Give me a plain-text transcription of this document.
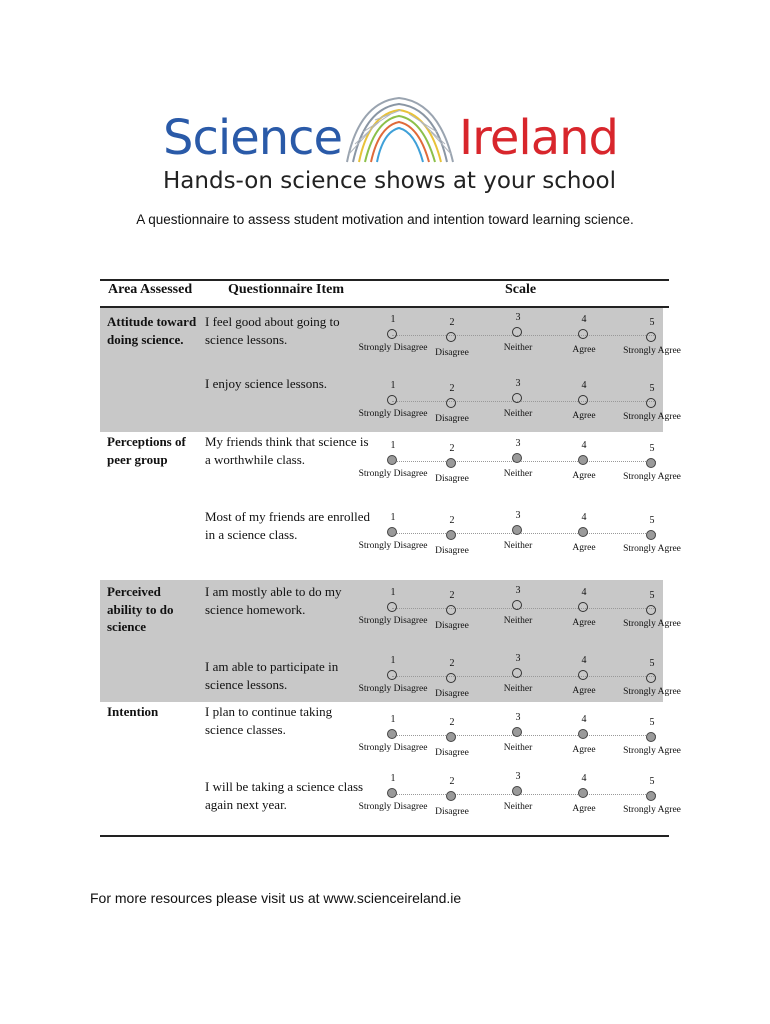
Science Ireland
Hands-on science shows at your school
A questionnaire to assess student motivation and intention toward learning science.
Area Assessed	Questionnaire Item	Scale
Attitude toward doing science.
Perceptions of peer group
Perceived ability to do science
Intention
I feel good about going to science lessons.
I enjoy science lessons.
My friends think that science is a worthwhile class.
Most of my friends are enrolled in a science class.
I am mostly able to do my science homework.
I am able to participate in science lessons.
I plan to continue taking science classes.
I will be taking a science class again next year.
1
Strongly Disagree
2
Disagree
3
Neither
4
Agree
5
Strongly Agree
1
Strongly Disagree
2
Disagree
3
Neither
4
Agree
5
Strongly Agree
1
Strongly Disagree
2
Disagree
3
Neither
4
Agree
5
Strongly Agree
1
Strongly Disagree
2
Disagree
3
Neither
4
Agree
5
Strongly Agree
1
Strongly Disagree
2
Disagree
3
Neither
4
Agree
5
Strongly Agree
1
Strongly Disagree
2
Disagree
3
Neither
4
Agree
5
Strongly Agree
1
Strongly Disagree
2
Disagree
3
Neither
4
Agree
5
Strongly Agree
1
Strongly Disagree
2
Disagree
3
Neither
4
Agree
5
Strongly Agree
For more resources please visit us at www.scienceireland.ie
